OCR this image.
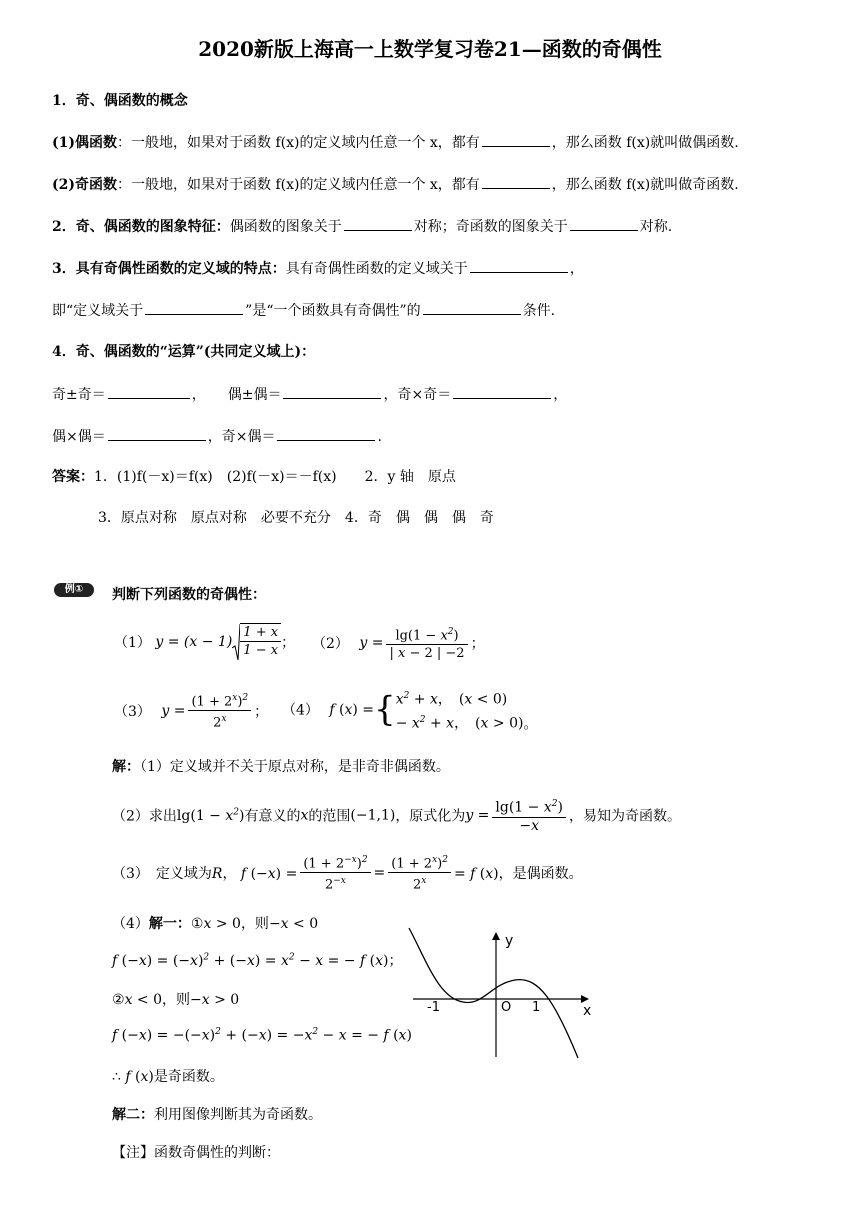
2020新版上海高一上数学复习卷21—函数的奇偶性
1．奇、偶函数的概念
(1)偶函数：一般地，如果对于函数 f(x)的定义域内任意一个 x，都有	，那么函数 f(x)就叫做偶函数.
(2)奇函数：一般地，如果对于函数 f(x)的定义域内任意一个 x，都有	，那么函数 f(x)就叫做奇函数.
2．奇、偶函数的图象特征：偶函数的图象关于	对称；奇函数的图象关于	对称.
3．具有奇偶性函数的定义域的特点：具有奇偶性函数的定义域关于	，
即“定义域关于	”是“一个函数具有奇偶性”的	条件.
4．奇、偶函数的“运算”(共同定义域上)：
奇±奇＝	， 偶±偶＝	，奇×奇＝	，
偶×偶＝	，奇×偶＝	.
答案：1．(1)f(－x)＝f(x)　(2)f(－x)＝－f(x)　　2．y 轴　原点
3．原点对称　原点对称　必要不充分　4．奇　偶　偶　偶　奇
例①	判断下列函数的奇偶性：
（1） $y = (x - 1) \frac{1 + x}{1 - x}$ ； （2） $y = \frac{\lg(1 - x^2)}{| x - 2 | -2}$ ；
（3） $y = \frac{(1 + 2^x)^2}{2^x}$ ； （4） f (x) ={ $x^2 + x$，　(x < 0)
− $x^2 + x$，　(x > 0) 。
解：（1）定义域并不关于原点对称，是非奇非偶函数。
（2）求出$\lg(1 - x^2)$有意义的x的范围(−1,1)，原式化为$y = \frac{\lg(1 - x^2)}{-x}$ ，易知为奇函数。
（3）　定义域为R， f $(-x) = \frac{(1 + 2^{-x})^2}{2^{-x}} = \frac{(1 + 2^x)^2}{2^x} = f$ (x)，是偶函数。
（4）解一：①x > 0，则−x < 0
f $(-x) = (-x)^2 + (-x) = x^2 - x$ = − f (x)；
②x < 0，则−x > 0
f $(-x) = -(-x)^2 + (-x) = -x^2 - x$ = − f (x)
∴ f (x)是奇函数。
解二：利用图像判断其为奇函数。
【注】函数奇偶性的判断：
y
x
-1	O 1
